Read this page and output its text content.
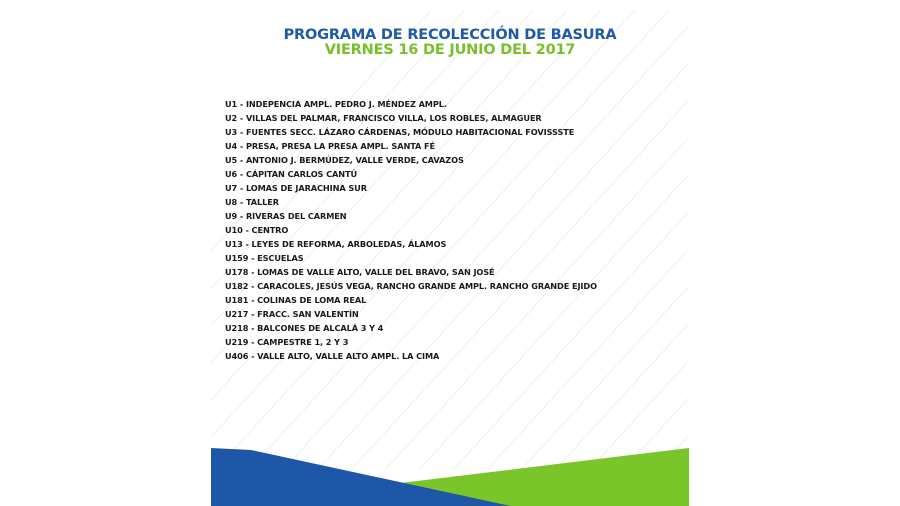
PROGRAMA DE RECOLECCIÓN DE BASURA
VIERNES 16 DE JUNIO DEL 2017
U1 - INDEPENCIA AMPL. PEDRO J. MÉNDEZ AMPL.
U2 - VILLAS DEL PALMAR, FRANCISCO VILLA, LOS ROBLES, ALMAGUER
U3 - FUENTES SECC. LÁZARO CÁRDENAS, MÓDULO HABITACIONAL FOVISSSTE
U4 - PRESA, PRESA LA PRESA AMPL. SANTA FÉ
U5 - ANTONIO J. BERMÚDEZ, VALLE VERDE, CAVAZOS
U6 - CÁPITAN CARLOS CANTÚ
U7 - LOMAS DE JARACHINA SUR
U8 - TALLER
U9 - RIVERAS DEL CARMEN
U10 - CENTRO
U13 - LEYES DE REFORMA, ARBOLEDAS, ÁLAMOS
U159 - ESCUELAS
U178 - LOMAS DE VALLE ALTO, VALLE DEL BRAVO, SAN JOSÉ
U182 - CARACOLES, JESÚS VEGA, RANCHO GRANDE AMPL. RANCHO GRANDE EJIDO
U181 - COLINAS DE LOMA REAL
U217 - FRACC. SAN VALENTÍN
U218 - BALCONES DE ALCALÁ 3 Y 4
U219 - CAMPESTRE 1, 2 Y 3
U406 - VALLE ALTO, VALLE ALTO AMPL. LA CIMA
